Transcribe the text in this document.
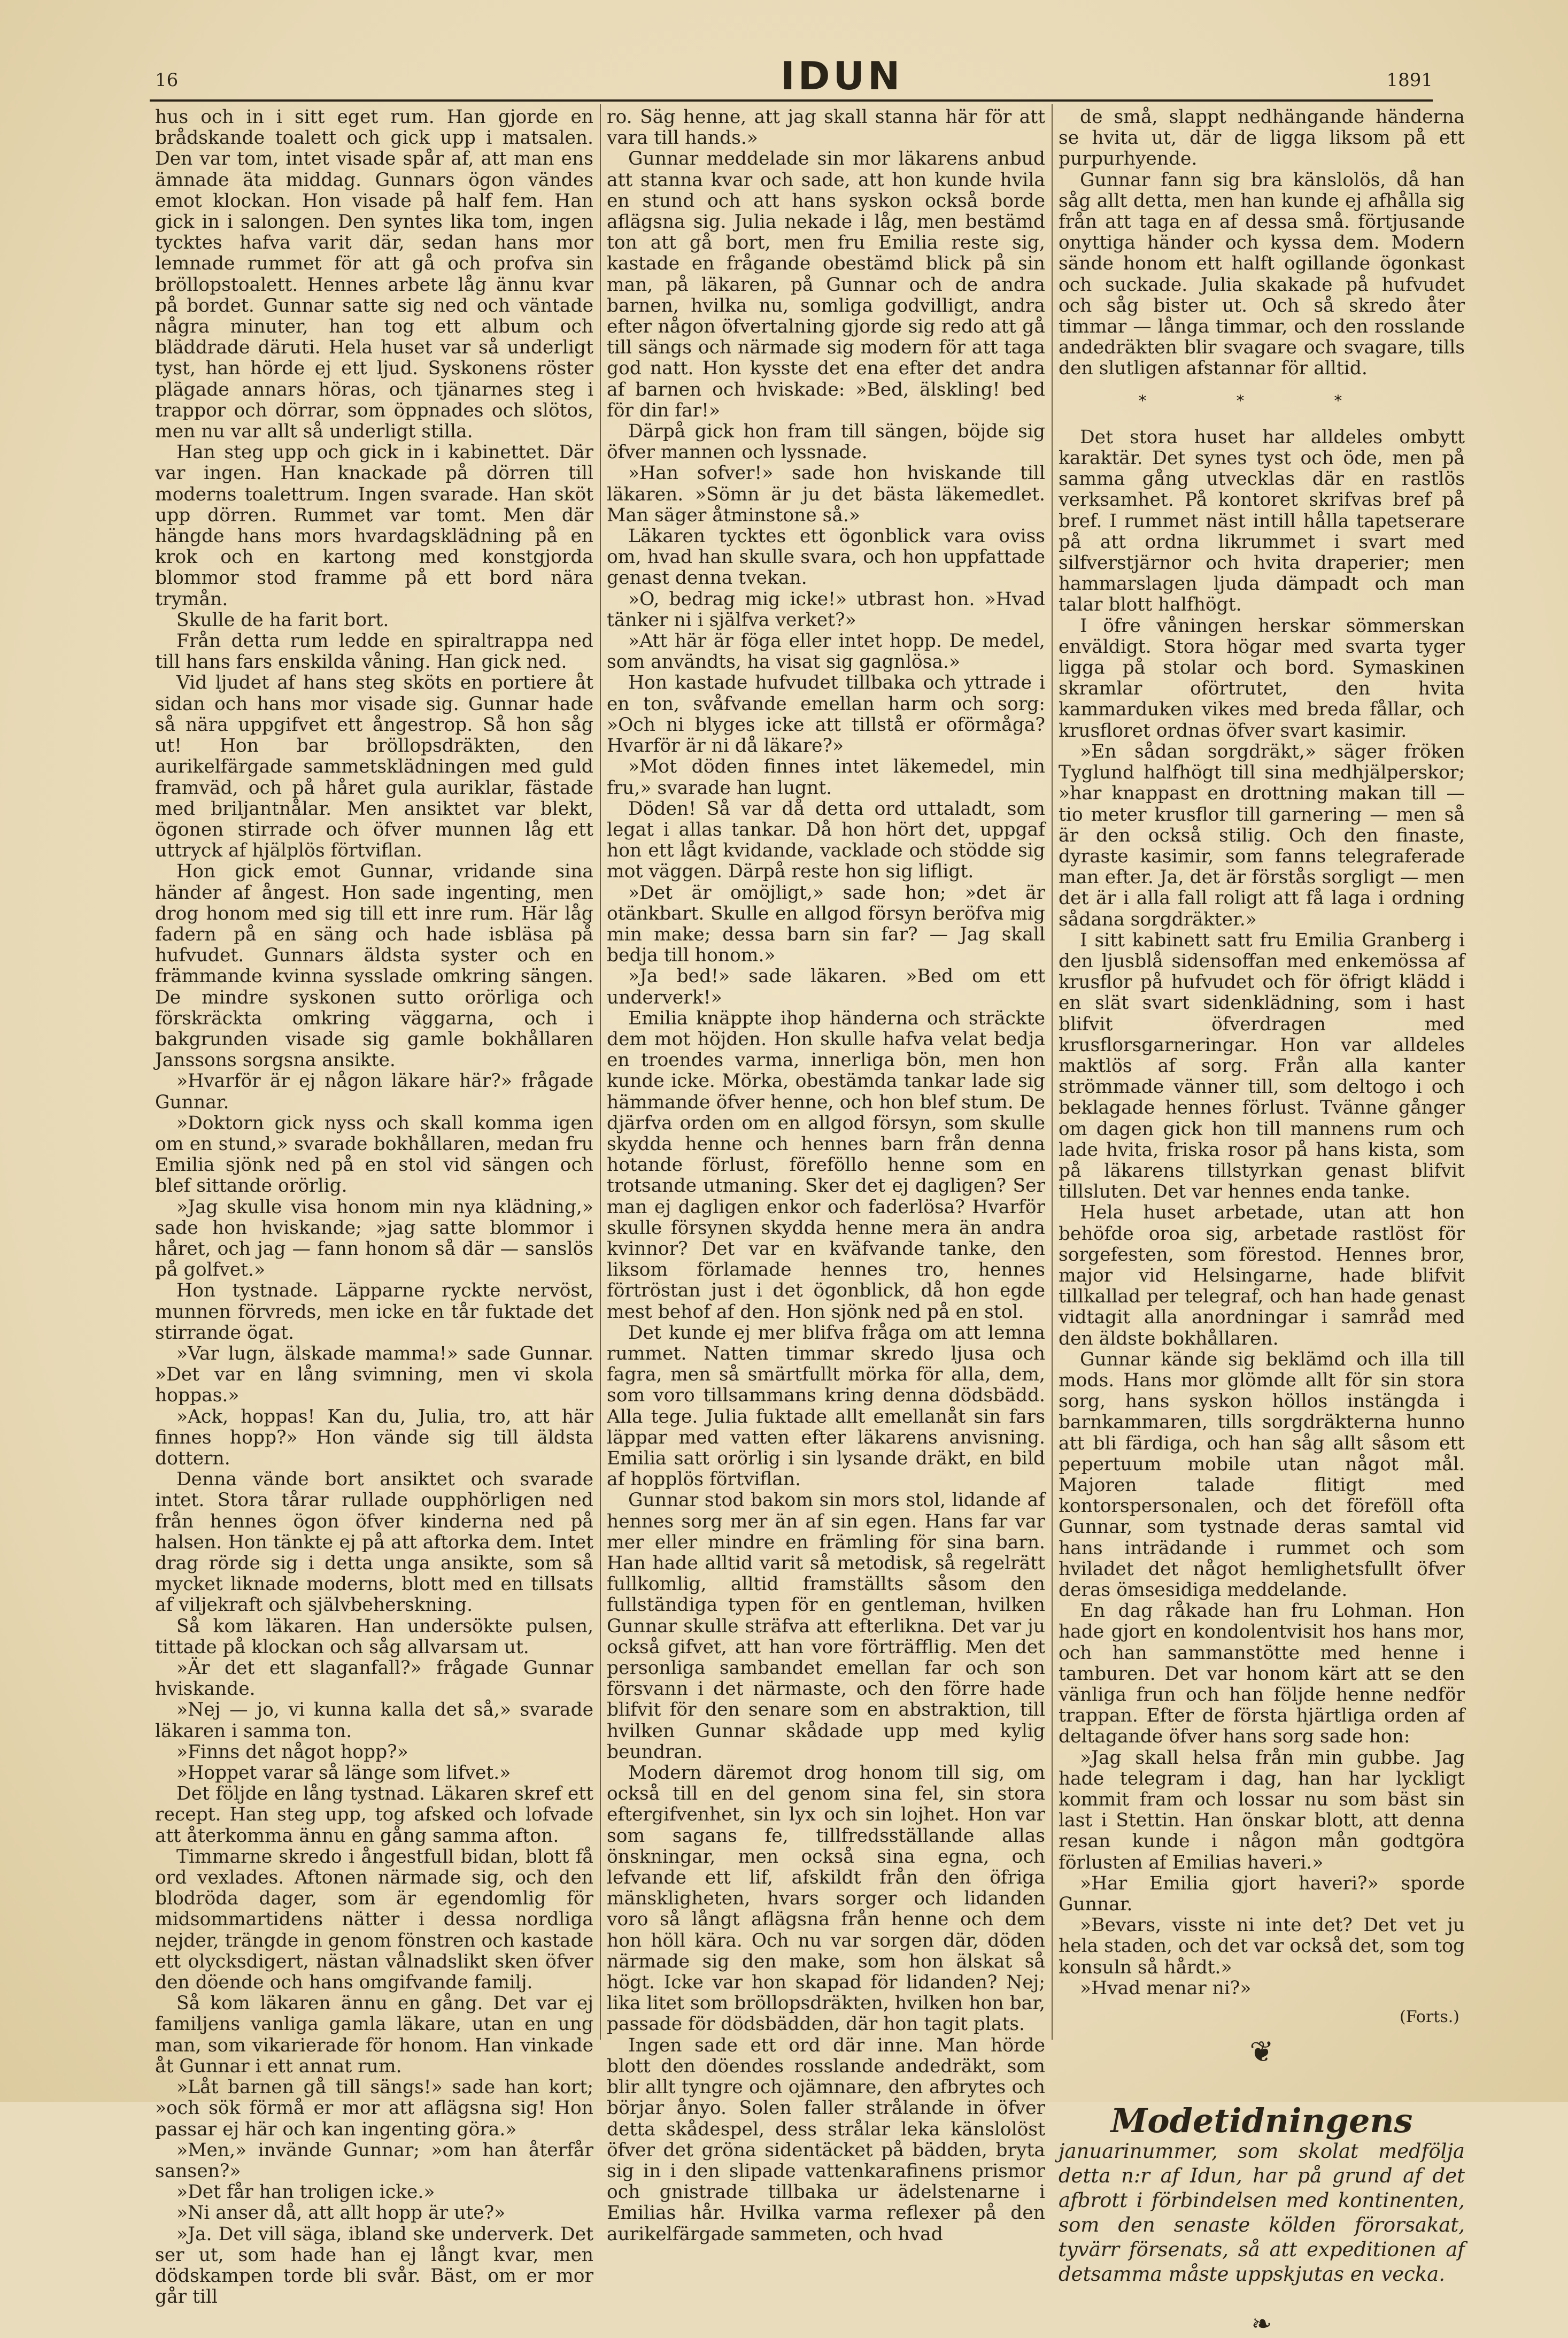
16	IDUN	1891

hus och in i sitt eget rum. Han gjorde en brådskande toalett och gick upp i matsalen. Den var tom, intet visade spår af, att man ens ämnade äta middag. Gunnars ögon vändes emot klockan. Hon visade på half fem. Han gick in i salongen. Den syntes lika tom, ingen tycktes hafva varit där, sedan hans mor lemnade rummet för att gå och profva sin bröllopstoalett. Hennes arbete låg ännu kvar på bordet. Gunnar satte sig ned och väntade några minuter, han tog ett album och bläddrade däruti. Hela huset var så underligt tyst, han hörde ej ett ljud. Syskonens röster plägade annars höras, och tjänarnes steg i trappor och dörrar, som öppnades och slötos, men nu var allt så underligt stilla.

Han steg upp och gick in i kabinettet. Där var ingen. Han knackade på dörren till moderns toalettrum. Ingen svarade. Han sköt upp dörren. Rummet var tomt. Men där hängde hans mors hvardagsklädning på en krok och en kartong med konstgjorda blommor stod framme på ett bord nära trymån.

Skulle de ha farit bort.

Från detta rum ledde en spiraltrappa ned till hans fars enskilda våning. Han gick ned.

Vid ljudet af hans steg sköts en portiere åt sidan och hans mor visade sig. Gunnar hade så nära uppgifvet ett ångestrop. Så hon såg ut! Hon bar bröllopsdräkten, den aurikelfärgade sammetsklädningen med guld framväd, och på håret gula auriklar, fästade med briljantnålar. Men ansiktet var blekt, ögonen stirrade och öfver munnen låg ett uttryck af hjälplös förtviflan.

Hon gick emot Gunnar, vridande sina händer af ångest. Hon sade ingenting, men drog honom med sig till ett inre rum. Här låg fadern på en säng och hade isbläsa på hufvudet. Gunnars äldsta syster och en främmande kvinna sysslade omkring sängen. De mindre syskonen sutto orörliga och förskräckta omkring väggarna, och i bakgrunden visade sig gamle bokhållaren Janssons sorgsna ansikte.

»Hvarför är ej någon läkare här?» frågade Gunnar.

»Doktorn gick nyss och skall komma igen om en stund,» svarade bokhållaren, medan fru Emilia sjönk ned på en stol vid sängen och blef sittande orörlig.

»Jag skulle visa honom min nya klädning,» sade hon hviskande; »jag satte blommor i håret, och jag — fann honom så där — sanslös på golfvet.»

Hon tystnade. Läpparne ryckte nervöst, munnen förvreds, men icke en tår fuktade det stirrande ögat.

»Var lugn, älskade mamma!» sade Gunnar. »Det var en lång svimning, men vi skola hoppas.»

»Ack, hoppas! Kan du, Julia, tro, att här finnes hopp?» Hon vände sig till äldsta dottern.

Denna vände bort ansiktet och svarade intet. Stora tårar rullade oupphörligen ned från hennes ögon öfver kinderna ned på halsen. Hon tänkte ej på att aftorka dem. Intet drag rörde sig i detta unga ansikte, som så mycket liknade moderns, blott med en tillsats af viljekraft och självbeherskning.

Så kom läkaren. Han undersökte pulsen, tittade på klockan och såg allvarsam ut.

»Är det ett slaganfall?» frågade Gunnar hviskande.

»Nej — jo, vi kunna kalla det så,» svarade läkaren i samma ton.

»Finns det något hopp?»

»Hoppet varar så länge som lifvet.»

Det följde en lång tystnad. Läkaren skref ett recept. Han steg upp, tog afsked och lofvade att återkomma ännu en gång samma afton.

Timmarne skredo i ångestfull bidan, blott få ord vexlades. Aftonen närmade sig, och den blodröda dager, som är egendomlig för midsommartidens nätter i dessa nordliga nejder, trängde in genom fönstren och kastade ett olycksdigert, nästan vålnadslikt sken öfver den döende och hans omgifvande familj.

Så kom läkaren ännu en gång. Det var ej familjens vanliga gamla läkare, utan en ung man, som vikarierade för honom. Han vinkade åt Gunnar i ett annat rum.

»Låt barnen gå till sängs!» sade han kort; »och sök förmå er mor att aflägsna sig! Hon passar ej här och kan ingenting göra.»

»Men,» invände Gunnar; »om han återfår sansen?»

»Det får han troligen icke.»

»Ni anser då, att allt hopp är ute?»

»Ja. Det vill säga, ibland ske underverk. Det ser ut, som hade han ej långt kvar, men dödskampen torde bli svår. Bäst, om er mor går till

ro. Säg henne, att jag skall stanna här för att vara till hands.»

Gunnar meddelade sin mor läkarens anbud att stanna kvar och sade, att hon kunde hvila en stund och att hans syskon också borde aflägsna sig. Julia nekade i låg, men bestämd ton att gå bort, men fru Emilia reste sig, kastade en frågande obestämd blick på sin man, på läkaren, på Gunnar och de andra barnen, hvilka nu, somliga godvilligt, andra efter någon öfvertalning gjorde sig redo att gå till sängs och närmade sig modern för att taga god natt. Hon kysste det ena efter det andra af barnen och hviskade: »Bed, älskling! bed för din far!»

Därpå gick hon fram till sängen, böjde sig öfver mannen och lyssnade.

»Han sofver!» sade hon hviskande till läkaren. »Sömn är ju det bästa läkemedlet. Man säger åtminstone så.»

Läkaren tycktes ett ögonblick vara oviss om, hvad han skulle svara, och hon uppfattade genast denna tvekan.

»O, bedrag mig icke!» utbrast hon. »Hvad tänker ni i själfva verket?»

»Att här är föga eller intet hopp. De medel, som användts, ha visat sig gagnlösa.»

Hon kastade hufvudet tillbaka och yttrade i en ton, svåfvande emellan harm och sorg: »Och ni blyges icke att tillstå er oförmåga? Hvarför är ni då läkare?»

»Mot döden finnes intet läkemedel, min fru,» svarade han lugnt.

Döden! Så var då detta ord uttaladt, som legat i allas tankar. Då hon hört det, uppgaf hon ett lågt kvidande, vacklade och stödde sig mot väggen. Därpå reste hon sig lifligt.

»Det är omöjligt,» sade hon; »det är otänkbart. Skulle en allgod försyn beröfva mig min make; dessa barn sin far? — Jag skall bedja till honom.»

»Ja bed!» sade läkaren. »Bed om ett underverk!»

Emilia knäppte ihop händerna och sträckte dem mot höjden. Hon skulle hafva velat bedja en troendes varma, innerliga bön, men hon kunde icke. Mörka, obestämda tankar lade sig hämmande öfver henne, och hon blef stum. De djärfva orden om en allgod försyn, som skulle skydda henne och hennes barn från denna hotande förlust, föreföllo henne som en trotsande utmaning. Sker det ej dagligen? Ser man ej dagligen enkor och faderlösa? Hvarför skulle försynen skydda henne mera än andra kvinnor? Det var en kväfvande tanke, den liksom förlamade hennes tro, hennes förtröstan just i det ögonblick, då hon egde mest behof af den. Hon sjönk ned på en stol.

Det kunde ej mer blifva fråga om att lemna rummet. Natten timmar skredo ljusa och fagra, men så smärtfullt mörka för alla, dem, som voro tillsammans kring denna dödsbädd. Alla tege. Julia fuktade allt emellanåt sin fars läppar med vatten efter läkarens anvisning. Emilia satt orörlig i sin lysande dräkt, en bild af hopplös förtviflan.

Gunnar stod bakom sin mors stol, lidande af hennes sorg mer än af sin egen. Hans far var mer eller mindre en främling för sina barn. Han hade alltid varit så metodisk, så regelrätt fullkomlig, alltid framställts såsom den fullständiga typen för en gentleman, hvilken Gunnar skulle sträfva att efterlikna. Det var ju också gifvet, att han vore förträfflig. Men det personliga sambandet emellan far och son försvann i det närmaste, och den förre hade blifvit för den senare som en abstraktion, till hvilken Gunnar skådade upp med kylig beundran.

Modern däremot drog honom till sig, om också till en del genom sina fel, sin stora eftergifvenhet, sin lyx och sin lojhet. Hon var som sagans fe, tillfredsställande allas önskningar, men också sina egna, och lefvande ett lif, afskildt från den öfriga mänskligheten, hvars sorger och lidanden voro så långt aflägsna från henne och dem hon höll kära. Och nu var sorgen där, döden närmade sig den make, som hon älskat så högt. Icke var hon skapad för lidanden? Nej; lika litet som bröllopsdräkten, hvilken hon bar, passade för dödsbädden, där hon tagit plats.

Ingen sade ett ord där inne. Man hörde blott den döendes rosslande andedräkt, som blir allt tyngre och ojämnare, den afbrytes och börjar ånyo. Solen faller strålande in öfver detta skådespel, dess strålar leka känslolöst öfver det gröna sidentäcket på bädden, bryta sig in i den slipade vattenkarafinens prismor och gnistrade tillbaka ur ädelstenarne i Emilias hår. Hvilka varma reflexer på den aurikelfärgade sammeten, och hvad

de små, slappt nedhängande händerna se hvita ut, där de ligga liksom på ett purpurhyende.

Gunnar fann sig bra känslolös, då han såg allt detta, men han kunde ej afhålla sig från att taga en af dessa små. förtjusande onyttiga händer och kyssa dem. Modern sände honom ett halft ogillande ögonkast och suckade. Julia skakade på hufvudet och såg bister ut. Och så skredo åter timmar — långa timmar, och den rosslande andedräkten blir svagare och svagare, tills den slutligen afstannar för alltid.

* * *

Det stora huset har alldeles ombytt karaktär. Det synes tyst och öde, men på samma gång utvecklas där en rastlös verksamhet. På kontoret skrifvas bref på bref. I rummet näst intill hålla tapetserare på att ordna likrummet i svart med silfverstjärnor och hvita draperier; men hammarslagen ljuda dämpadt och man talar blott halfhögt.

I öfre våningen herskar sömmerskan enväldigt. Stora högar med svarta tyger ligga på stolar och bord. Symaskinen skramlar oförtrutet, den hvita kammarduken vikes med breda fållar, och krusfloret ordnas öfver svart kasimir.

»En sådan sorgdräkt,» säger fröken Tyglund halfhögt till sina medhjälperskor; »har knappast en drottning makan till — tio meter krusflor till garnering — men så är den också stilig. Och den finaste, dyraste kasimir, som fanns telegraferade man efter. Ja, det är förstås sorgligt — men det är i alla fall roligt att få laga i ordning sådana sorgdräkter.»

I sitt kabinett satt fru Emilia Granberg i den ljusblå sidensoffan med enkemössa af krusflor på hufvudet och för öfrigt klädd i en slät svart sidenklädning, som i hast blifvit öfverdragen med krusflorsgarneringar. Hon var alldeles maktlös af sorg. Från alla kanter strömmade vänner till, som deltogo i och beklagade hennes förlust. Tvänne gånger om dagen gick hon till mannens rum och lade hvita, friska rosor på hans kista, som på läkarens tillstyrkan genast blifvit tillsluten. Det var hennes enda tanke.

Hela huset arbetade, utan att hon behöfde oroa sig, arbetade rastlöst för sorgefesten, som förestod. Hennes bror, major vid Helsingarne, hade blifvit tillkallad per telegraf, och han hade genast vidtagit alla anordningar i samråd med den äldste bokhållaren.

Gunnar kände sig beklämd och illa till mods. Hans mor glömde allt för sin stora sorg, hans syskon höllos instängda i barnkammaren, tills sorgdräkterna hunno att bli färdiga, och han såg allt såsom ett pepertuum mobile utan något mål. Majoren talade flitigt med kontorspersonalen, och det föreföll ofta Gunnar, som tystnade deras samtal vid hans inträdande i rummet och som hviladet det något hemlighetsfullt öfver deras ömsesidiga meddelande.

En dag råkade han fru Lohman. Hon hade gjort en kondolentvisit hos hans mor, och han sammanstötte med henne i tamburen. Det var honom kärt att se den vänliga frun och han följde henne nedför trappan. Efter de första hjärtliga orden af deltagande öfver hans sorg sade hon:

»Jag skall helsa från min gubbe. Jag hade telegram i dag, han har lyckligt kommit fram och lossar nu som bäst sin last i Stettin. Han önskar blott, att denna resan kunde i någon mån godtgöra förlusten af Emilias haveri.»

»Har Emilia gjort haveri?» sporde Gunnar.

»Bevars, visste ni inte det? Det vet ju hela staden, och det var också det, som tog konsuln så hårdt.»

»Hvad menar ni?»

(Forts.)
❦
Modetidningens
januarinummer, som skolat medfölja detta n:r af Idun, har på grund af det afbrott i förbindelsen med kontinenten, som den senaste kölden förorsakat, tyvärr försenats, så att expeditionen af detsamma måste uppskjutas en vecka.
❧
